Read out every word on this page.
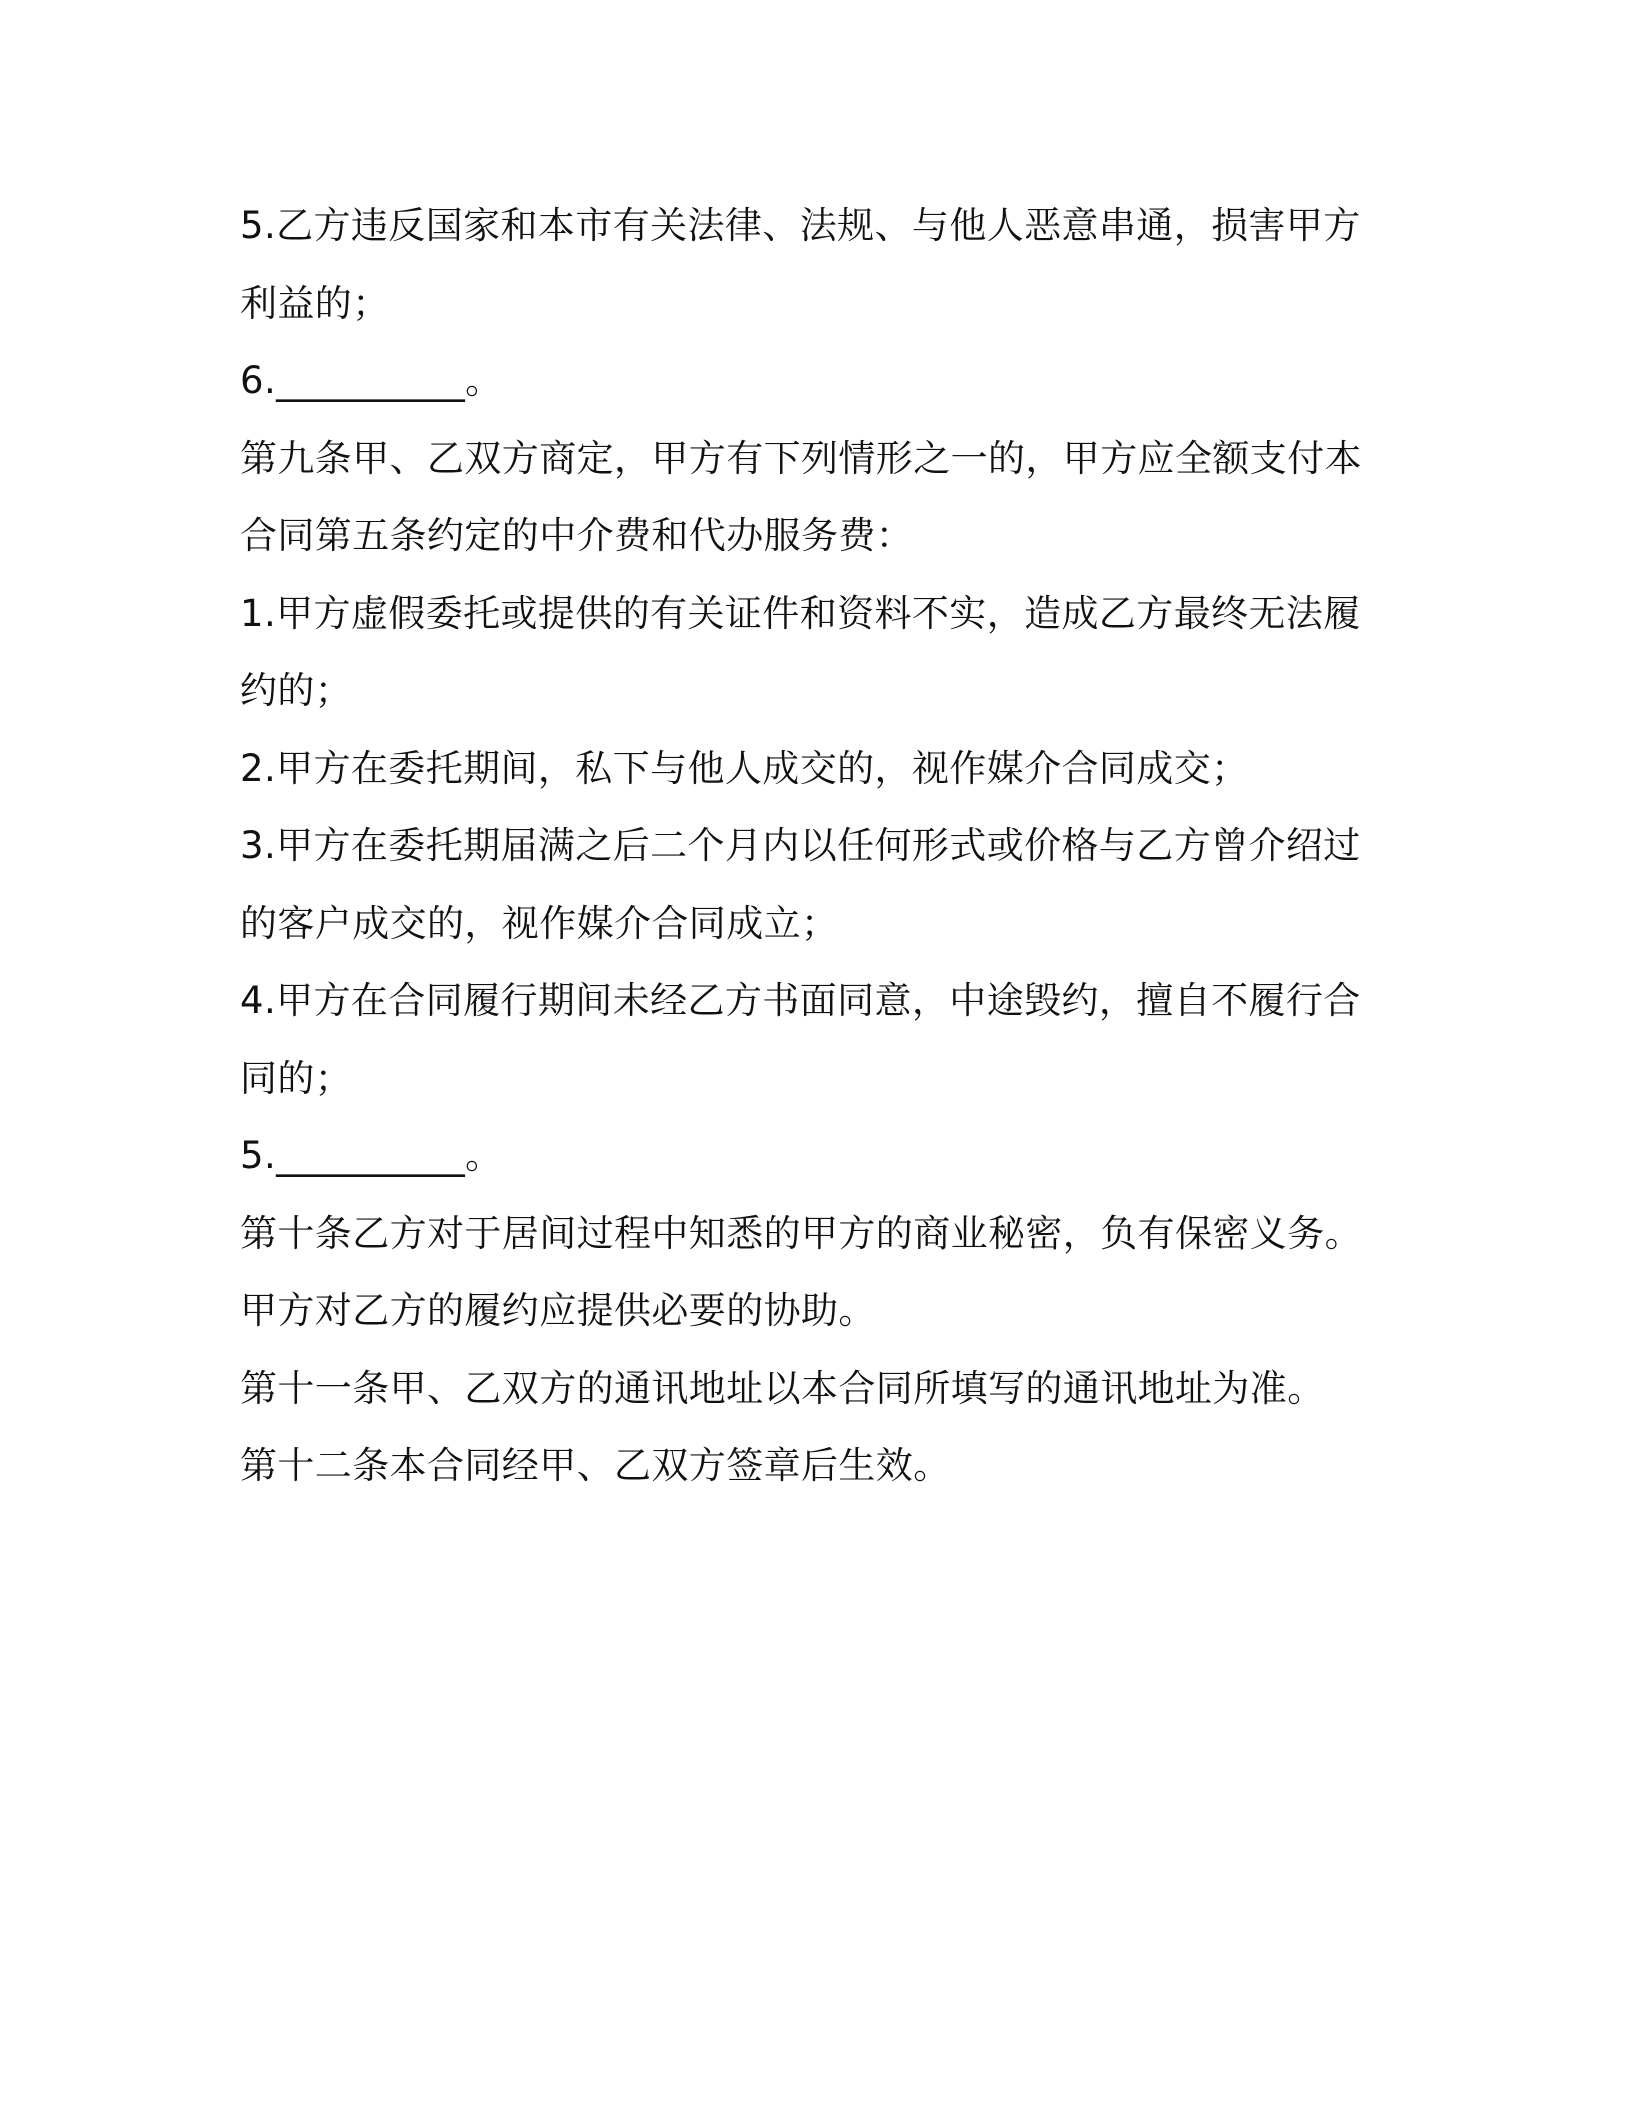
5.乙方违反国家和本市有关法律、法规、与他人恶意串通，损害甲方
利益的；
6.__________。
第九条甲、乙双方商定，甲方有下列情形之一的，甲方应全额支付本
合同第五条约定的中介费和代办服务费：
1.甲方虚假委托或提供的有关证件和资料不实，造成乙方最终无法履
约的；
2.甲方在委托期间，私下与他人成交的，视作媒介合同成交；
3.甲方在委托期届满之后二个月内以任何形式或价格与乙方曾介绍过
的客户成交的，视作媒介合同成立；
4.甲方在合同履行期间未经乙方书面同意，中途毁约，擅自不履行合
同的；
5.__________。
第十条乙方对于居间过程中知悉的甲方的商业秘密，负有保密义务。
甲方对乙方的履约应提供必要的协助。
第十一条甲、乙双方的通讯地址以本合同所填写的通讯地址为准。
第十二条本合同经甲、乙双方签章后生效。
